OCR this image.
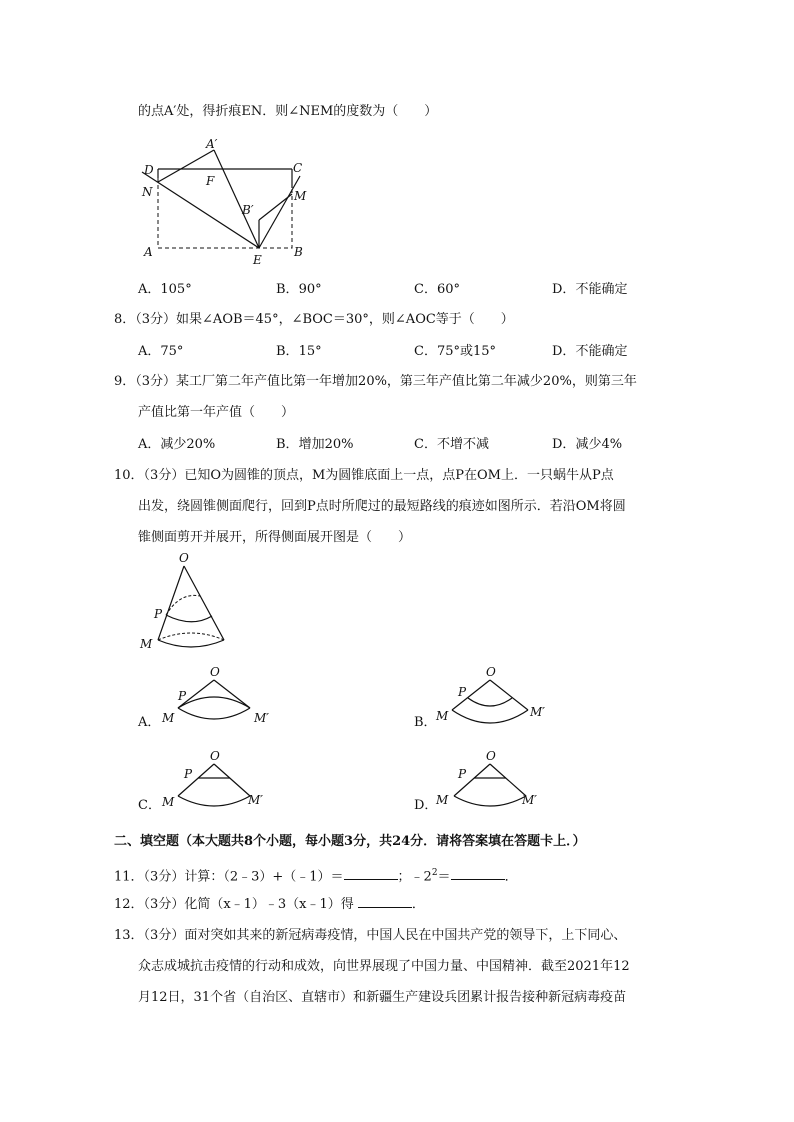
的点A′处，得折痕EN．则∠NEM的度数为（　　）
D
N
A′
F
C
M
B′
A	B
E
A．105°	B．90°	C．60°	D．不能确定
8．（3分）如果∠AOB＝45°，∠BOC＝30°，则∠AOC等于（　　）
A．75°	B．15°	C．75°或15°	D．不能确定
9．（3分）某工厂第二年产值比第一年增加20%，第三年产值比第二年减少20%，则第三年
产值比第一年产值（　　）
A．减少20%	B．增加20%	C．不增不减	D．减少4%
10．（3分）已知O为圆锥的顶点，M为圆锥底面上一点，点P在OM上．一只蜗牛从P点
出发，绕圆锥侧面爬行，回到P点时所爬过的最短路线的痕迹如图所示．若沿OM将圆
锥侧面剪开并展开，所得侧面展开图是（　　）
O
P
M
A．
O
P
M	M′	B．
O
P
M	M′
C．
O
P
M	M′	D．
O
P
M	M′
二、填空题（本大题共8个小题，每小题3分，共24分．请将答案填在答题卡上．）
11．（3分）计算：（2﹣3）+（﹣1）＝	；$﹣2^2=$	．
12．（3分）化简（x﹣1）﹣3（x﹣1）得	．
13．（3分）面对突如其来的新冠病毒疫情，中国人民在中国共产党的领导下，上下同心、
众志成城抗击疫情的行动和成效，向世界展现了中国力量、中国精神．截至2021年12
月12日，31个省（自治区、直辖市）和新疆生产建设兵团累计报告接种新冠病毒疫苗
